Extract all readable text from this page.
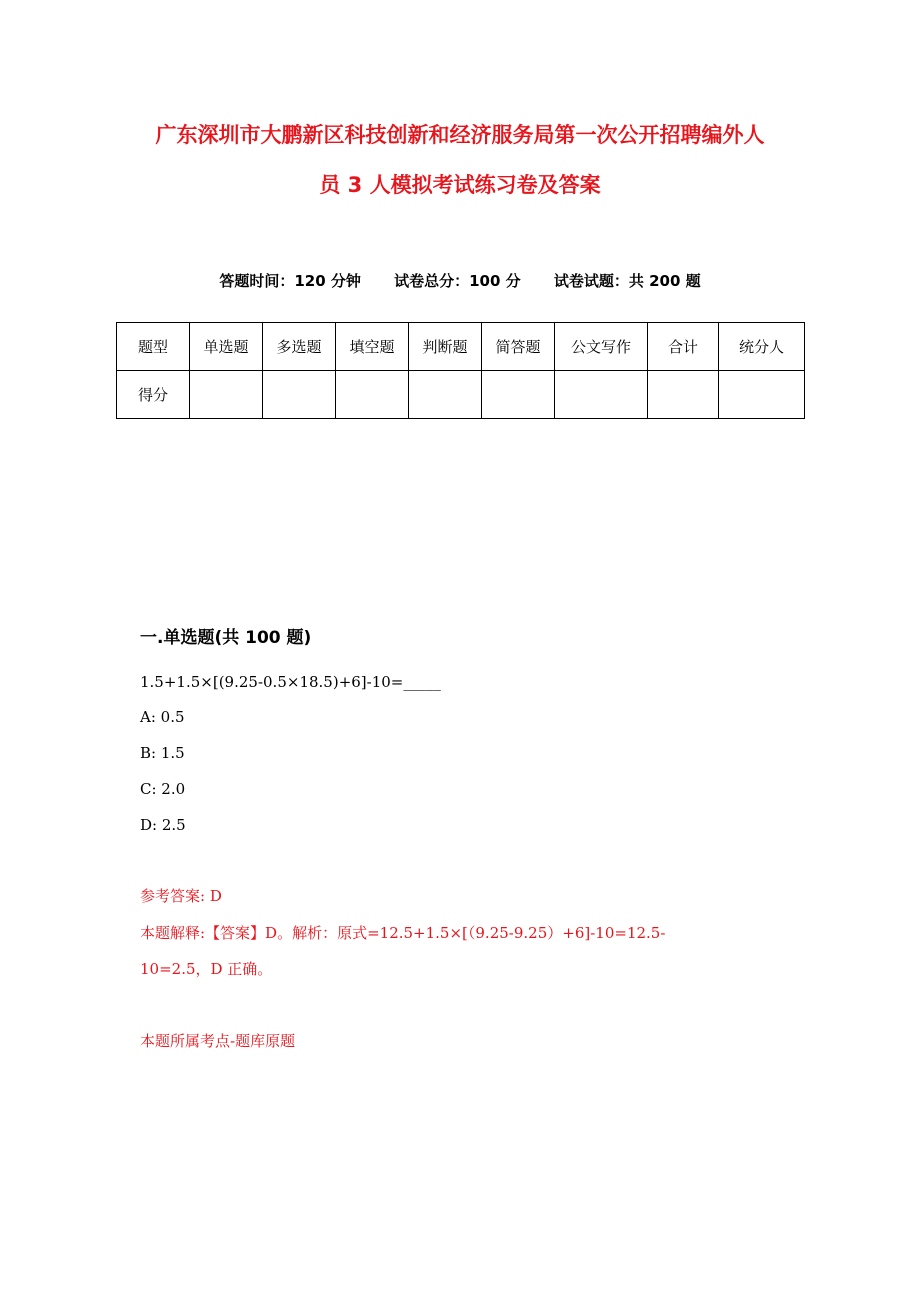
广东深圳市大鹏新区科技创新和经济服务局第一次公开招聘编外人
员 3 人模拟考试练习卷及答案
答题时间：120 分钟 试卷总分：100 分 试卷试题：共 200 题
题型	单选题	多选题	填空题	判断题	简答题	公文写作	合计	统分人
得分								
一.单选题(共 100 题)
1.5+1.5×[(9.25-0.5×18.5)+6]-10=_____
A: 0.5
B: 1.5
C: 2.0
D: 2.5
参考答案: D
本题解释:【答案】D。解析：原式=12.5+1.5×[（9.25-9.25）+6]-10=12.5-
10=2.5，D 正确。
本题所属考点-题库原题
